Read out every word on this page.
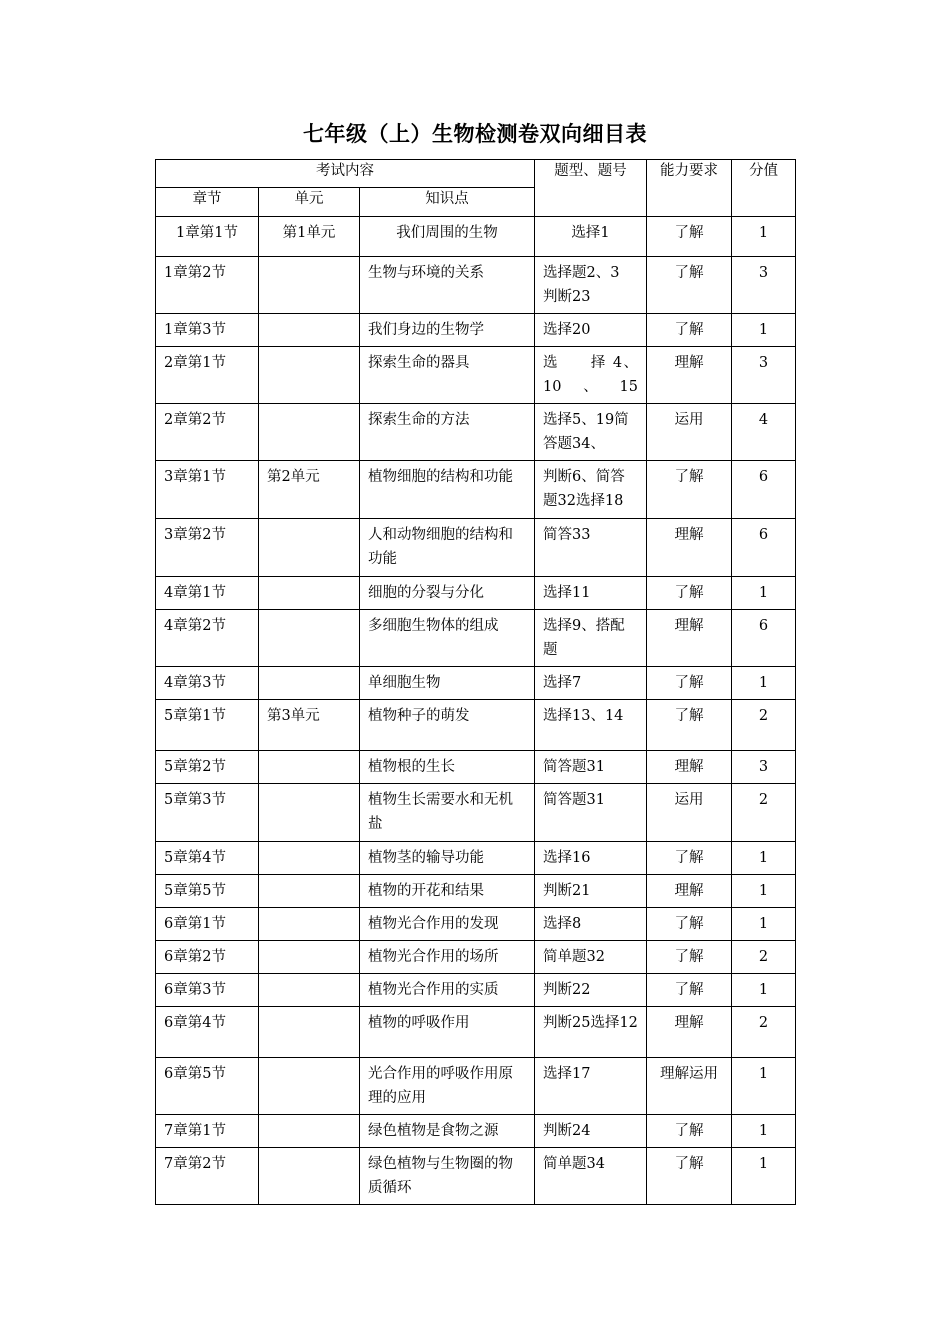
七年级（上）生物检测卷双向细目表
考试内容			题型、题号	能力要求	分值
章节	单元	知识点			
1章第1节	第1单元	我们周围的生物	选择1	了解	1
1章第2节		生物与环境的关系	选择题2、3 判断23	了解	3
1章第3节		我们身边的生物学	选择20	了解	1
2章第1节		探索生命的器具	选　　择 4、10、15	理解	3
2章第2节		探索生命的方法	选择5、19简答题34、	运用	4
3章第1节	第2单元	植物细胞的结构和功能	判断6、简答题32选择18	了解	6
3章第2节		人和动物细胞的结构和功能	简答33	理解	6
4章第1节		细胞的分裂与分化	选择11	了解	1
4章第2节		多细胞生物体的组成	选择9、搭配题	理解	6
4章第3节		单细胞生物	选择7	了解	1
5章第1节	第3单元	植物种子的萌发	选择13、14	了解	2
5章第2节		植物根的生长	简答题31	理解	3
5章第3节		植物生长需要水和无机盐	简答题31	运用	2
5章第4节		植物茎的输导功能	选择16	了解	1
5章第5节		植物的开花和结果	判断21	理解	1
6章第1节		植物光合作用的发现	选择8	了解	1
6章第2节		植物光合作用的场所	简单题32	了解	2
6章第3节		植物光合作用的实质	判断22	了解	1
6章第4节		植物的呼吸作用	判断25选择12	理解	2
6章第5节		光合作用的呼吸作用原理的应用	选择17	理解运用	1
7章第1节		绿色植物是食物之源	判断24	了解	1
7章第2节		绿色植物与生物圈的物质循环	简单题34	了解	1
